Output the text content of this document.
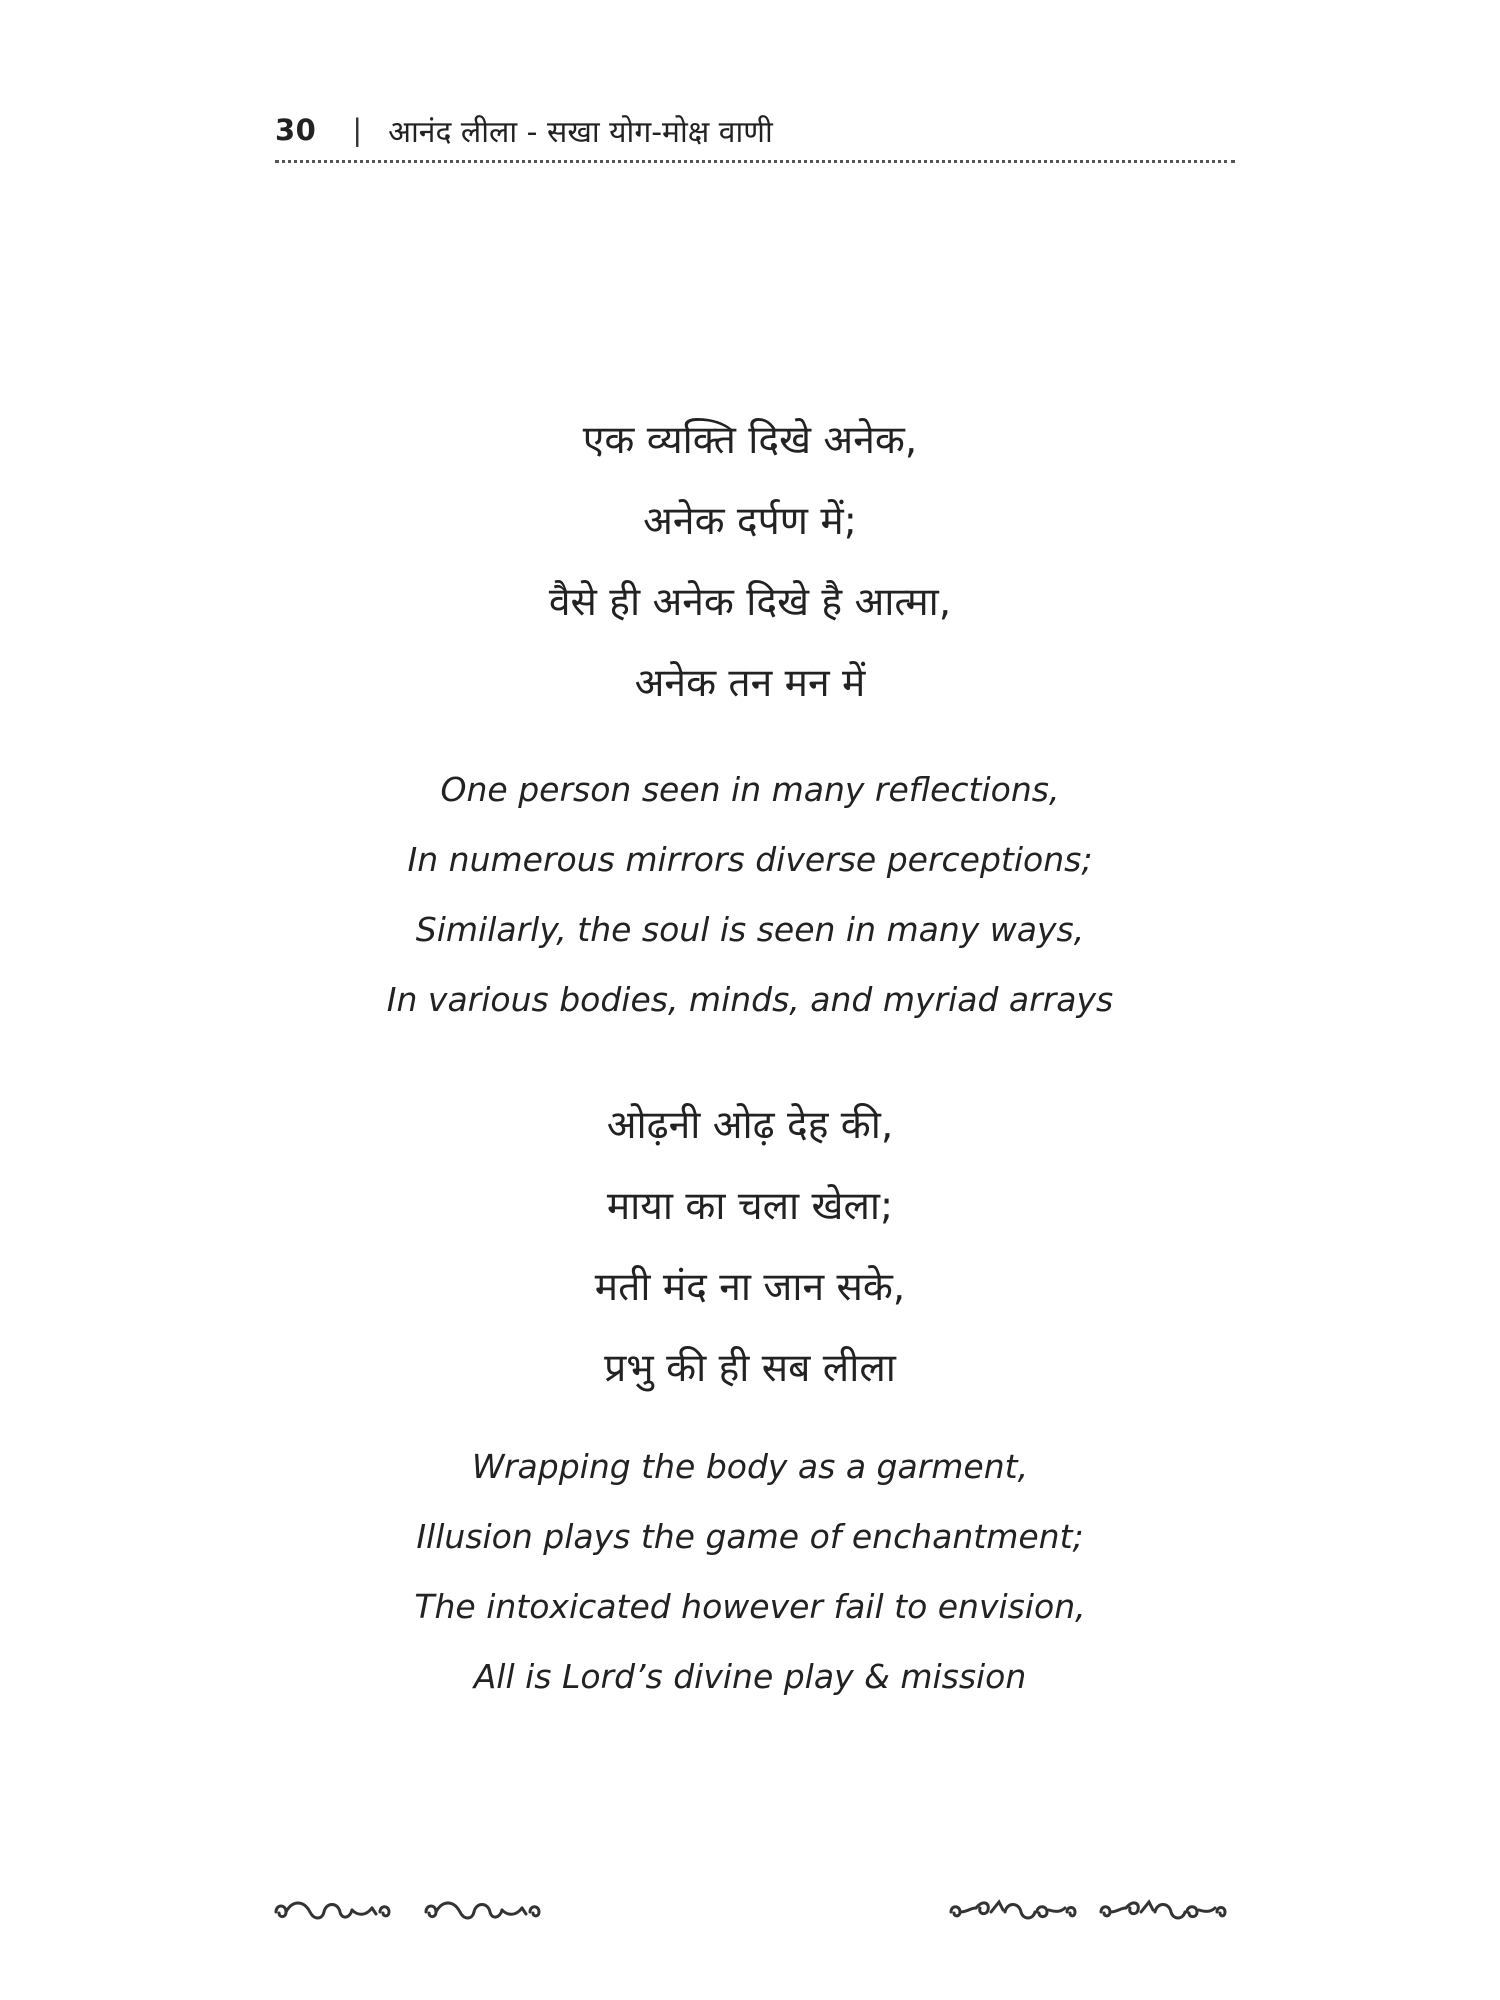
30 | आनंद लीला - सखा योग-मोक्ष वाणी
एक व्यक्ति दिखे अनेक,
अनेक दर्पण में;
वैसे ही अनेक दिखे है आत्मा,
अनेक तन मन में
One person seen in many reflections,
In numerous mirrors diverse perceptions;
Similarly, the soul is seen in many ways,
In various bodies, minds, and myriad arrays
ओढ़नी ओढ़ देह की,
माया का चला खेला;
मती मंद ना जान सके,
प्रभु की ही सब लीला
Wrapping the body as a garment,
Illusion plays the game of enchantment;
The intoxicated however fail to envision,
All is Lord’s divine play & mission
